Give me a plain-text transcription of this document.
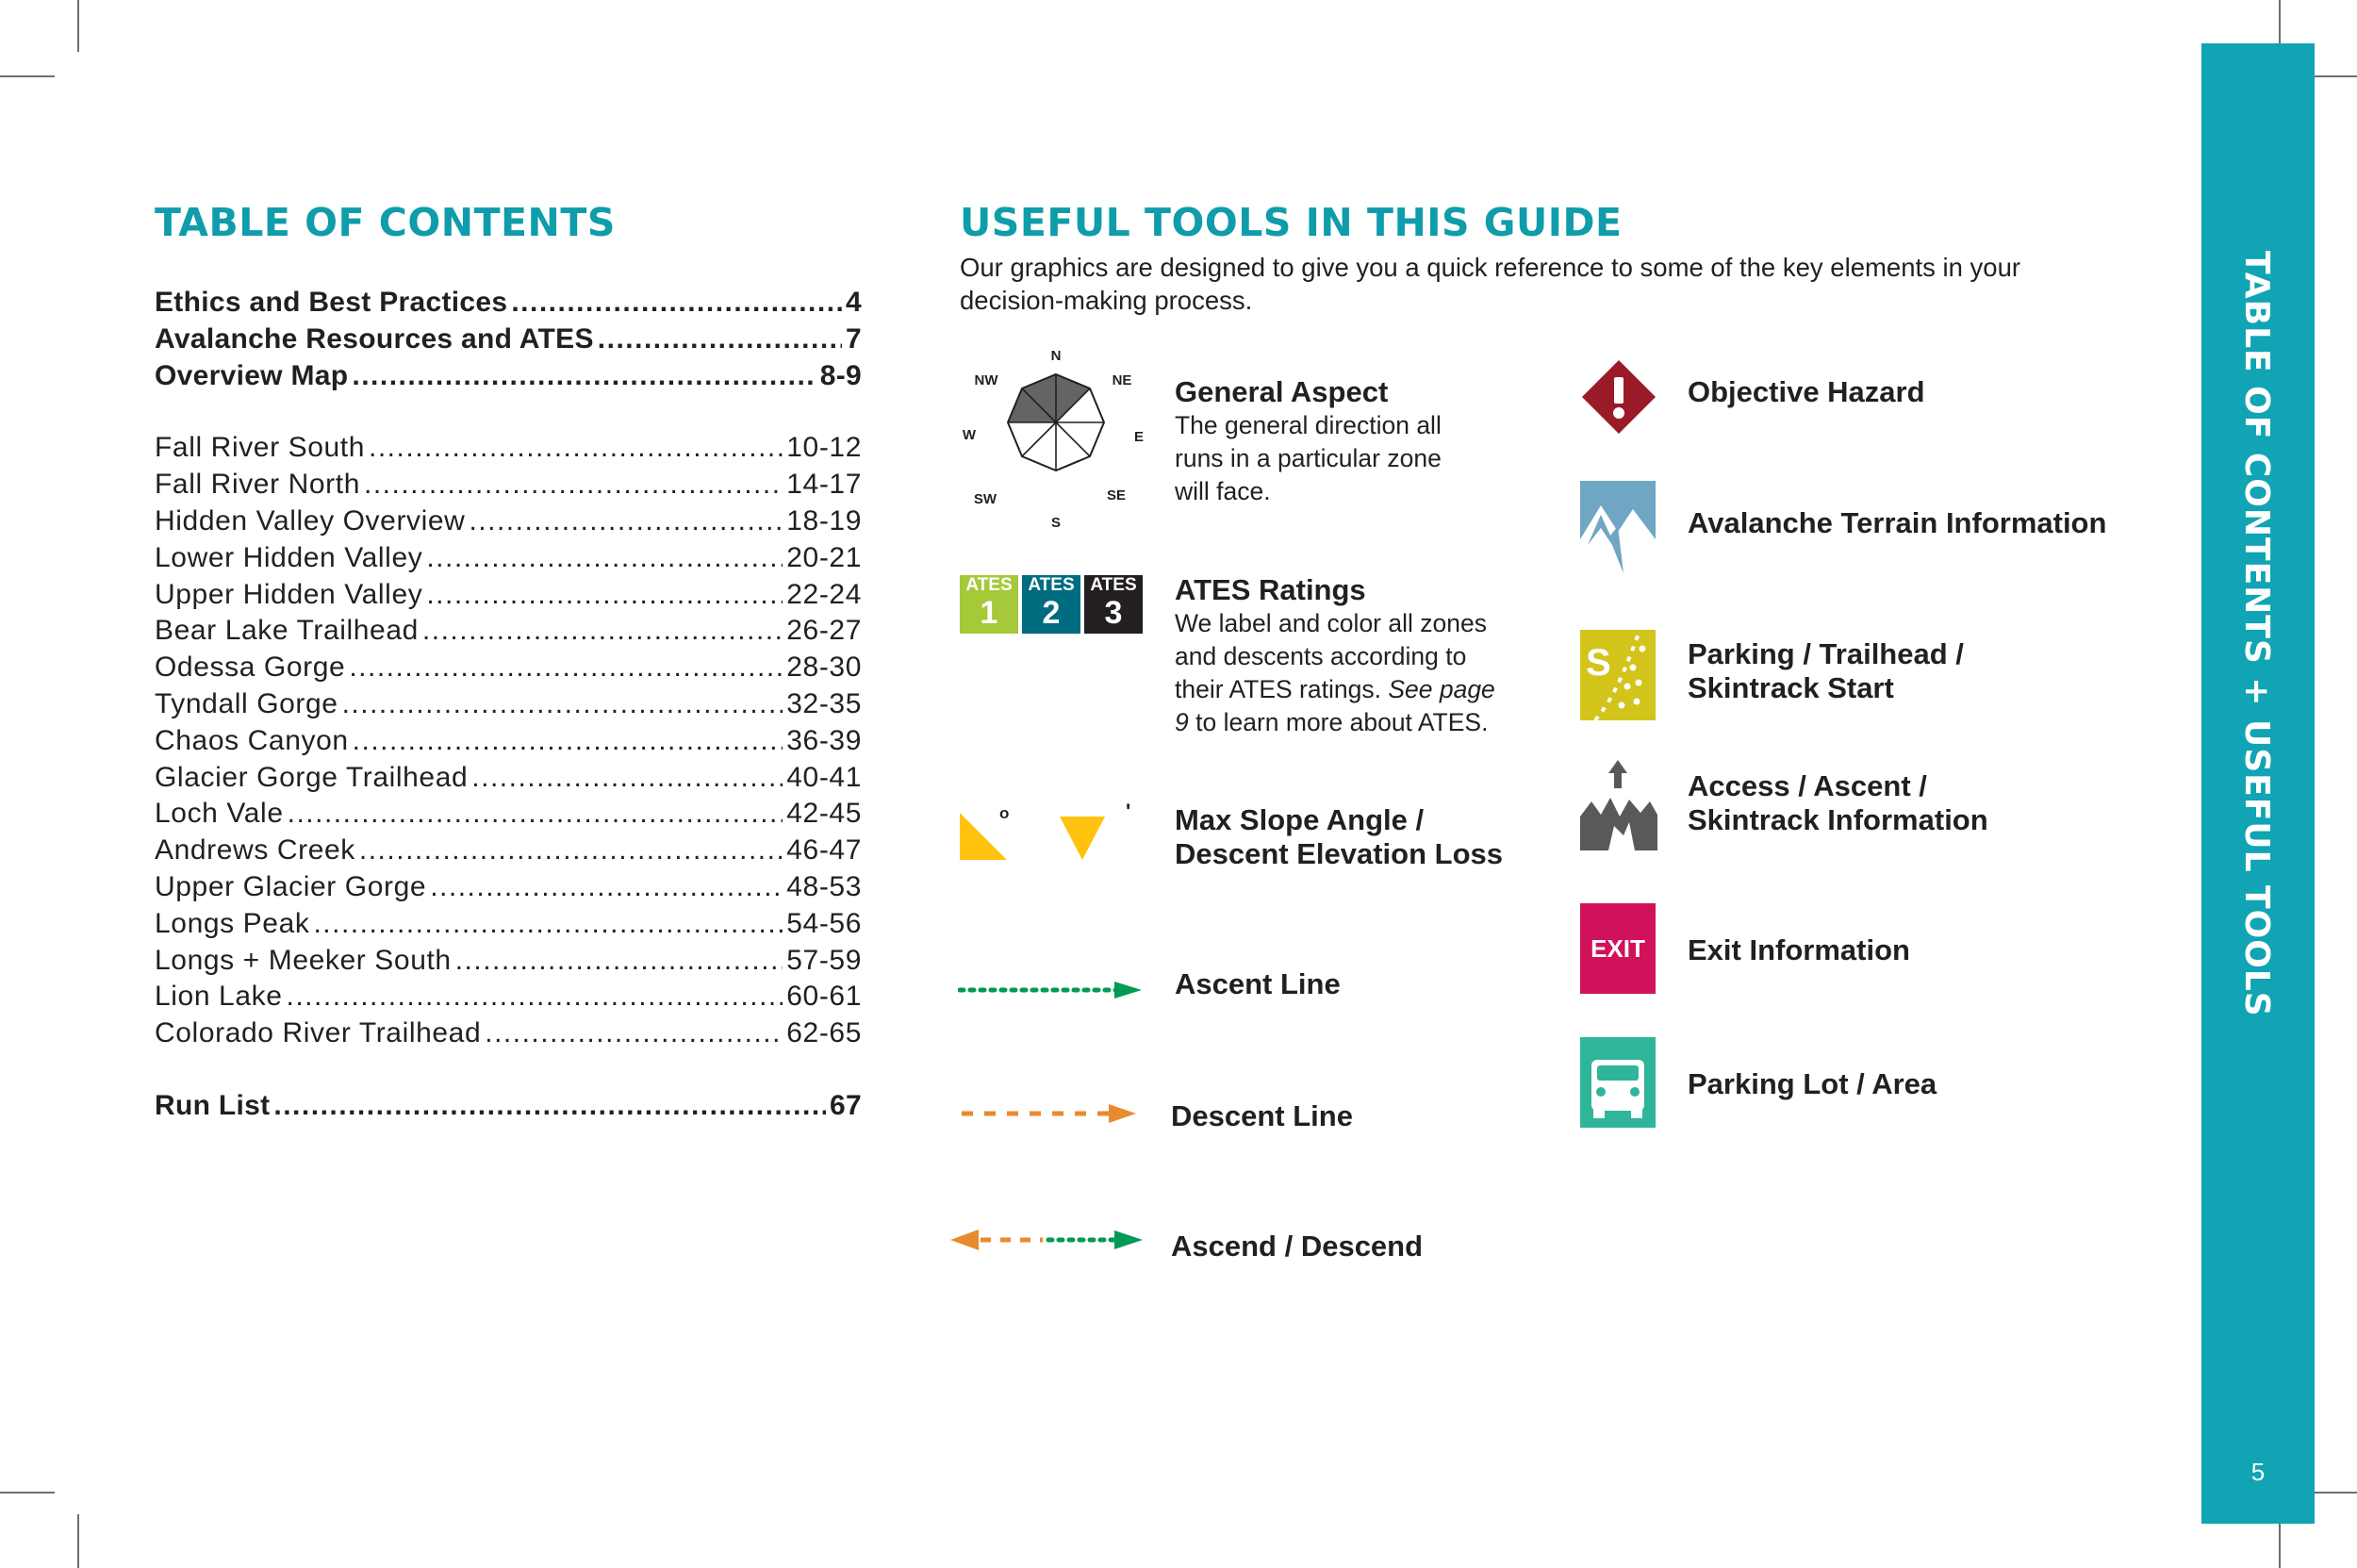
TABLE OF CONTENTS
Ethics and Best Practices .....	4
Avalanche Resources and ATES .....	7
Overview Map .....	8-9
Fall River South .....	10-12
Fall River North .....	14-17
Hidden Valley Overview .....	18-19
Lower Hidden Valley .....	20-21
Upper Hidden Valley .....	22-24
Bear Lake Trailhead .....	26-27
Odessa Gorge .....	28-30
Tyndall Gorge .....	32-35
Chaos Canyon .....	36-39
Glacier Gorge Trailhead .....	40-41
Loch Vale .....	42-45
Andrews Creek .....	46-47
Upper Glacier Gorge .....	48-53
Longs Peak .....	54-56
Longs + Meeker South .....	57-59
Lion Lake .....	60-61
Colorado River Trailhead .....	62-65
Run List .....	67
USEFUL TOOLS IN THIS GUIDE
Our graphics are designed to give you a quick reference to some of the key elements in your decision-making process.
N
NE
E
SE
S
SW
W
NW	General Aspect
The general direction all
runs in a particular zone
will face.
ATES
1
ATES
2
ATES
3
ATES Ratings
We label and color all zones
and descents according to
their ATES ratings. See page
9 to learn more about ATES.
o	' Max Slope Angle /
Descent Elevation Loss
Ascent Line
Descent Line
Ascend / Descend
Objective Hazard
Avalanche Terrain Information
S	Parking / Trailhead /
Skintrack Start
Access / Ascent /
Skintrack Information
EXIT	Exit Information
Parking Lot / Area
TABLE OF CONTENTS + USEFUL TOOLS
5
